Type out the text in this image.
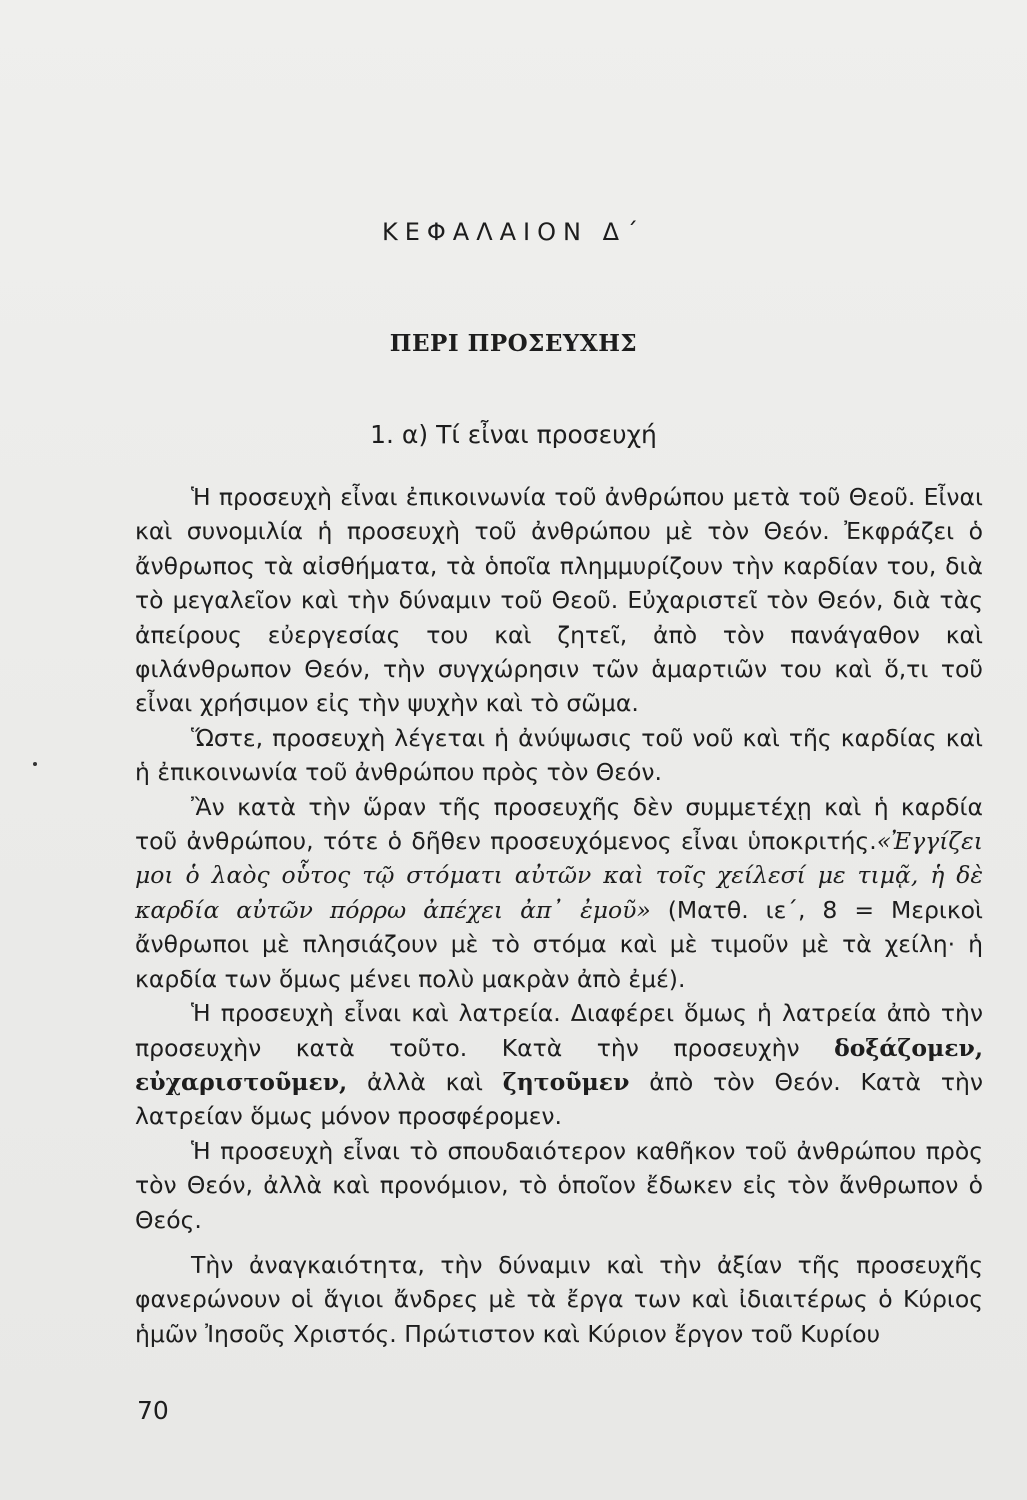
ΚΕΦΑΛΑΙΟΝ Δ΄
ΠΕΡΙ ΠΡΟΣΕΥΧΗΣ
1. α) Τί εἶναι προσευχή

Ἡ προσευχὴ εἶναι ἐπικοινωνία τοῦ ἀνθρώπου μετὰ τοῦ Θεοῦ. Εἶναι καὶ συνομιλία ἡ προσευχὴ τοῦ ἀνθρώπου μὲ τὸν Θεόν. Ἐκφράζει ὁ ἄνθρωπος τὰ αἰσθήματα, τὰ ὁποῖα πλημμυρίζουν τὴν καρδίαν του, διὰ τὸ μεγαλεῖον καὶ τὴν δύναμιν τοῦ Θεοῦ. Εὐχαριστεῖ τὸν Θεόν, διὰ τὰς ἀπείρους εὐεργεσίας του καὶ ζητεῖ, ἀπὸ τὸν πανάγαθον καὶ φιλάνθρωπον Θεόν, τὴν συγχώρησιν τῶν ἁμαρτιῶν του καὶ ὅ,τι τοῦ εἶναι χρήσιμον εἰς τὴν ψυχὴν καὶ τὸ σῶμα.

Ὥστε, προσευχὴ λέγεται ἡ ἀνύψωσις τοῦ νοῦ καὶ τῆς καρδίας καὶ ἡ ἐπικοινωνία τοῦ ἀνθρώπου πρὸς τὸν Θεόν.

Ἂν κατὰ τὴν ὥραν τῆς προσευχῆς δὲν συμμετέχῃ καὶ ἡ καρδία τοῦ ἀνθρώπου, τότε ὁ δῆθεν προσευχόμενος εἶναι ὑποκριτής.«Ἐγγίζει μοι ὁ λαὸς οὗτος τῷ στόματι αὐτῶν καὶ τοῖς χείλεσί με τιμᾷ, ἡ δὲ καρδία αὐτῶν πόρρω ἀπέχει ἀπ᾽ ἐμοῦ» (Ματθ. ιε΄, 8 = Μερικοὶ ἄνθρωποι μὲ πλησιάζουν μὲ τὸ στόμα καὶ μὲ τιμοῦν μὲ τὰ χείλη· ἡ καρδία των ὅμως μένει πολὺ μακρὰν ἀπὸ ἐμέ).

Ἡ προσευχὴ εἶναι καὶ λατρεία. Διαφέρει ὅμως ἡ λατρεία ἀπὸ τὴν προσευχὴν κατὰ τοῦτο. Κατὰ τὴν προσευχὴν δοξάζομεν, εὐχαριστοῦμεν, ἀλλὰ καὶ ζητοῦμεν ἀπὸ τὸν Θεόν. Κατὰ τὴν λατρείαν ὅμως μόνον προσφέρομεν.

Ἡ προσευχὴ εἶναι τὸ σπουδαιότερον καθῆκον τοῦ ἀνθρώπου πρὸς τὸν Θεόν, ἀλλὰ καὶ προνόμιον, τὸ ὁποῖον ἔδωκεν εἰς τὸν ἄνθρωπον ὁ Θεός.

Τὴν ἀναγκαιότητα, τὴν δύναμιν καὶ τὴν ἀξίαν τῆς προσευχῆς φανερώνουν οἱ ἅγιοι ἄνδρες μὲ τὰ ἔργα των καὶ ἰδιαιτέρως ὁ Κύριος ἡμῶν Ἰησοῦς Χριστός. Πρώτιστον καὶ Κύριον ἔργον τοῦ Κυρίου

70
